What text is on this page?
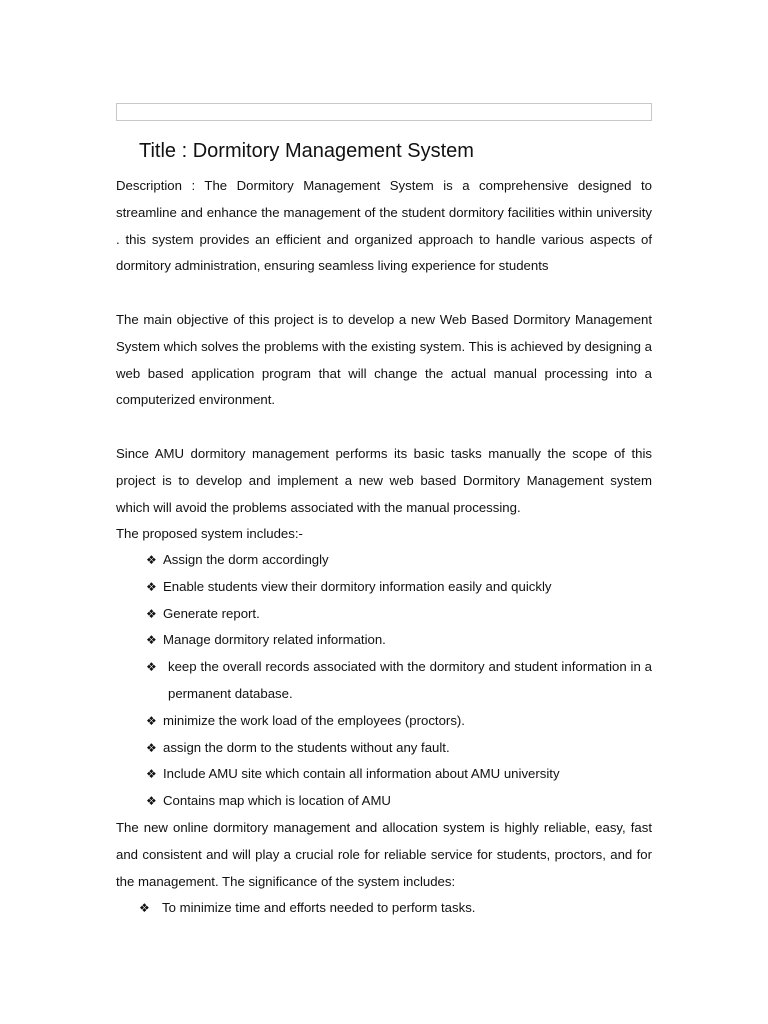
Title : Dormitory Management System

Description : The Dormitory Management System is a comprehensive designed to streamline and enhance the management of the student dormitory facilities within university . this system provides an efficient and organized approach to handle various aspects of dormitory administration, ensuring seamless living experience for students

The main objective of this project is to develop a new Web Based Dormitory Management System which solves the problems with the existing system. This is achieved by designing a web based application program that will change the actual manual processing into a computerized environment.

Since AMU dormitory management performs its basic tasks manually the scope of this project is to develop and implement a new web based Dormitory Management system which will avoid the problems associated with the manual processing.

The proposed system includes:-

❖ Assign the dorm accordingly
❖ Enable students view their dormitory information easily and quickly
❖ Generate report.
❖ Manage dormitory related information.
❖ keep the overall records associated with the dormitory and student information in a permanent database.
❖ minimize the work load of the employees (proctors).
❖ assign the dorm to the students without any fault.
❖ Include AMU site which contain all information about AMU university
❖ Contains map which is location of AMU

The new online dormitory management and allocation system is highly reliable, easy, fast and consistent and will play a crucial role for reliable service for students, proctors, and for the management. The significance of the system includes:

❖ To minimize time and efforts needed to perform tasks.
